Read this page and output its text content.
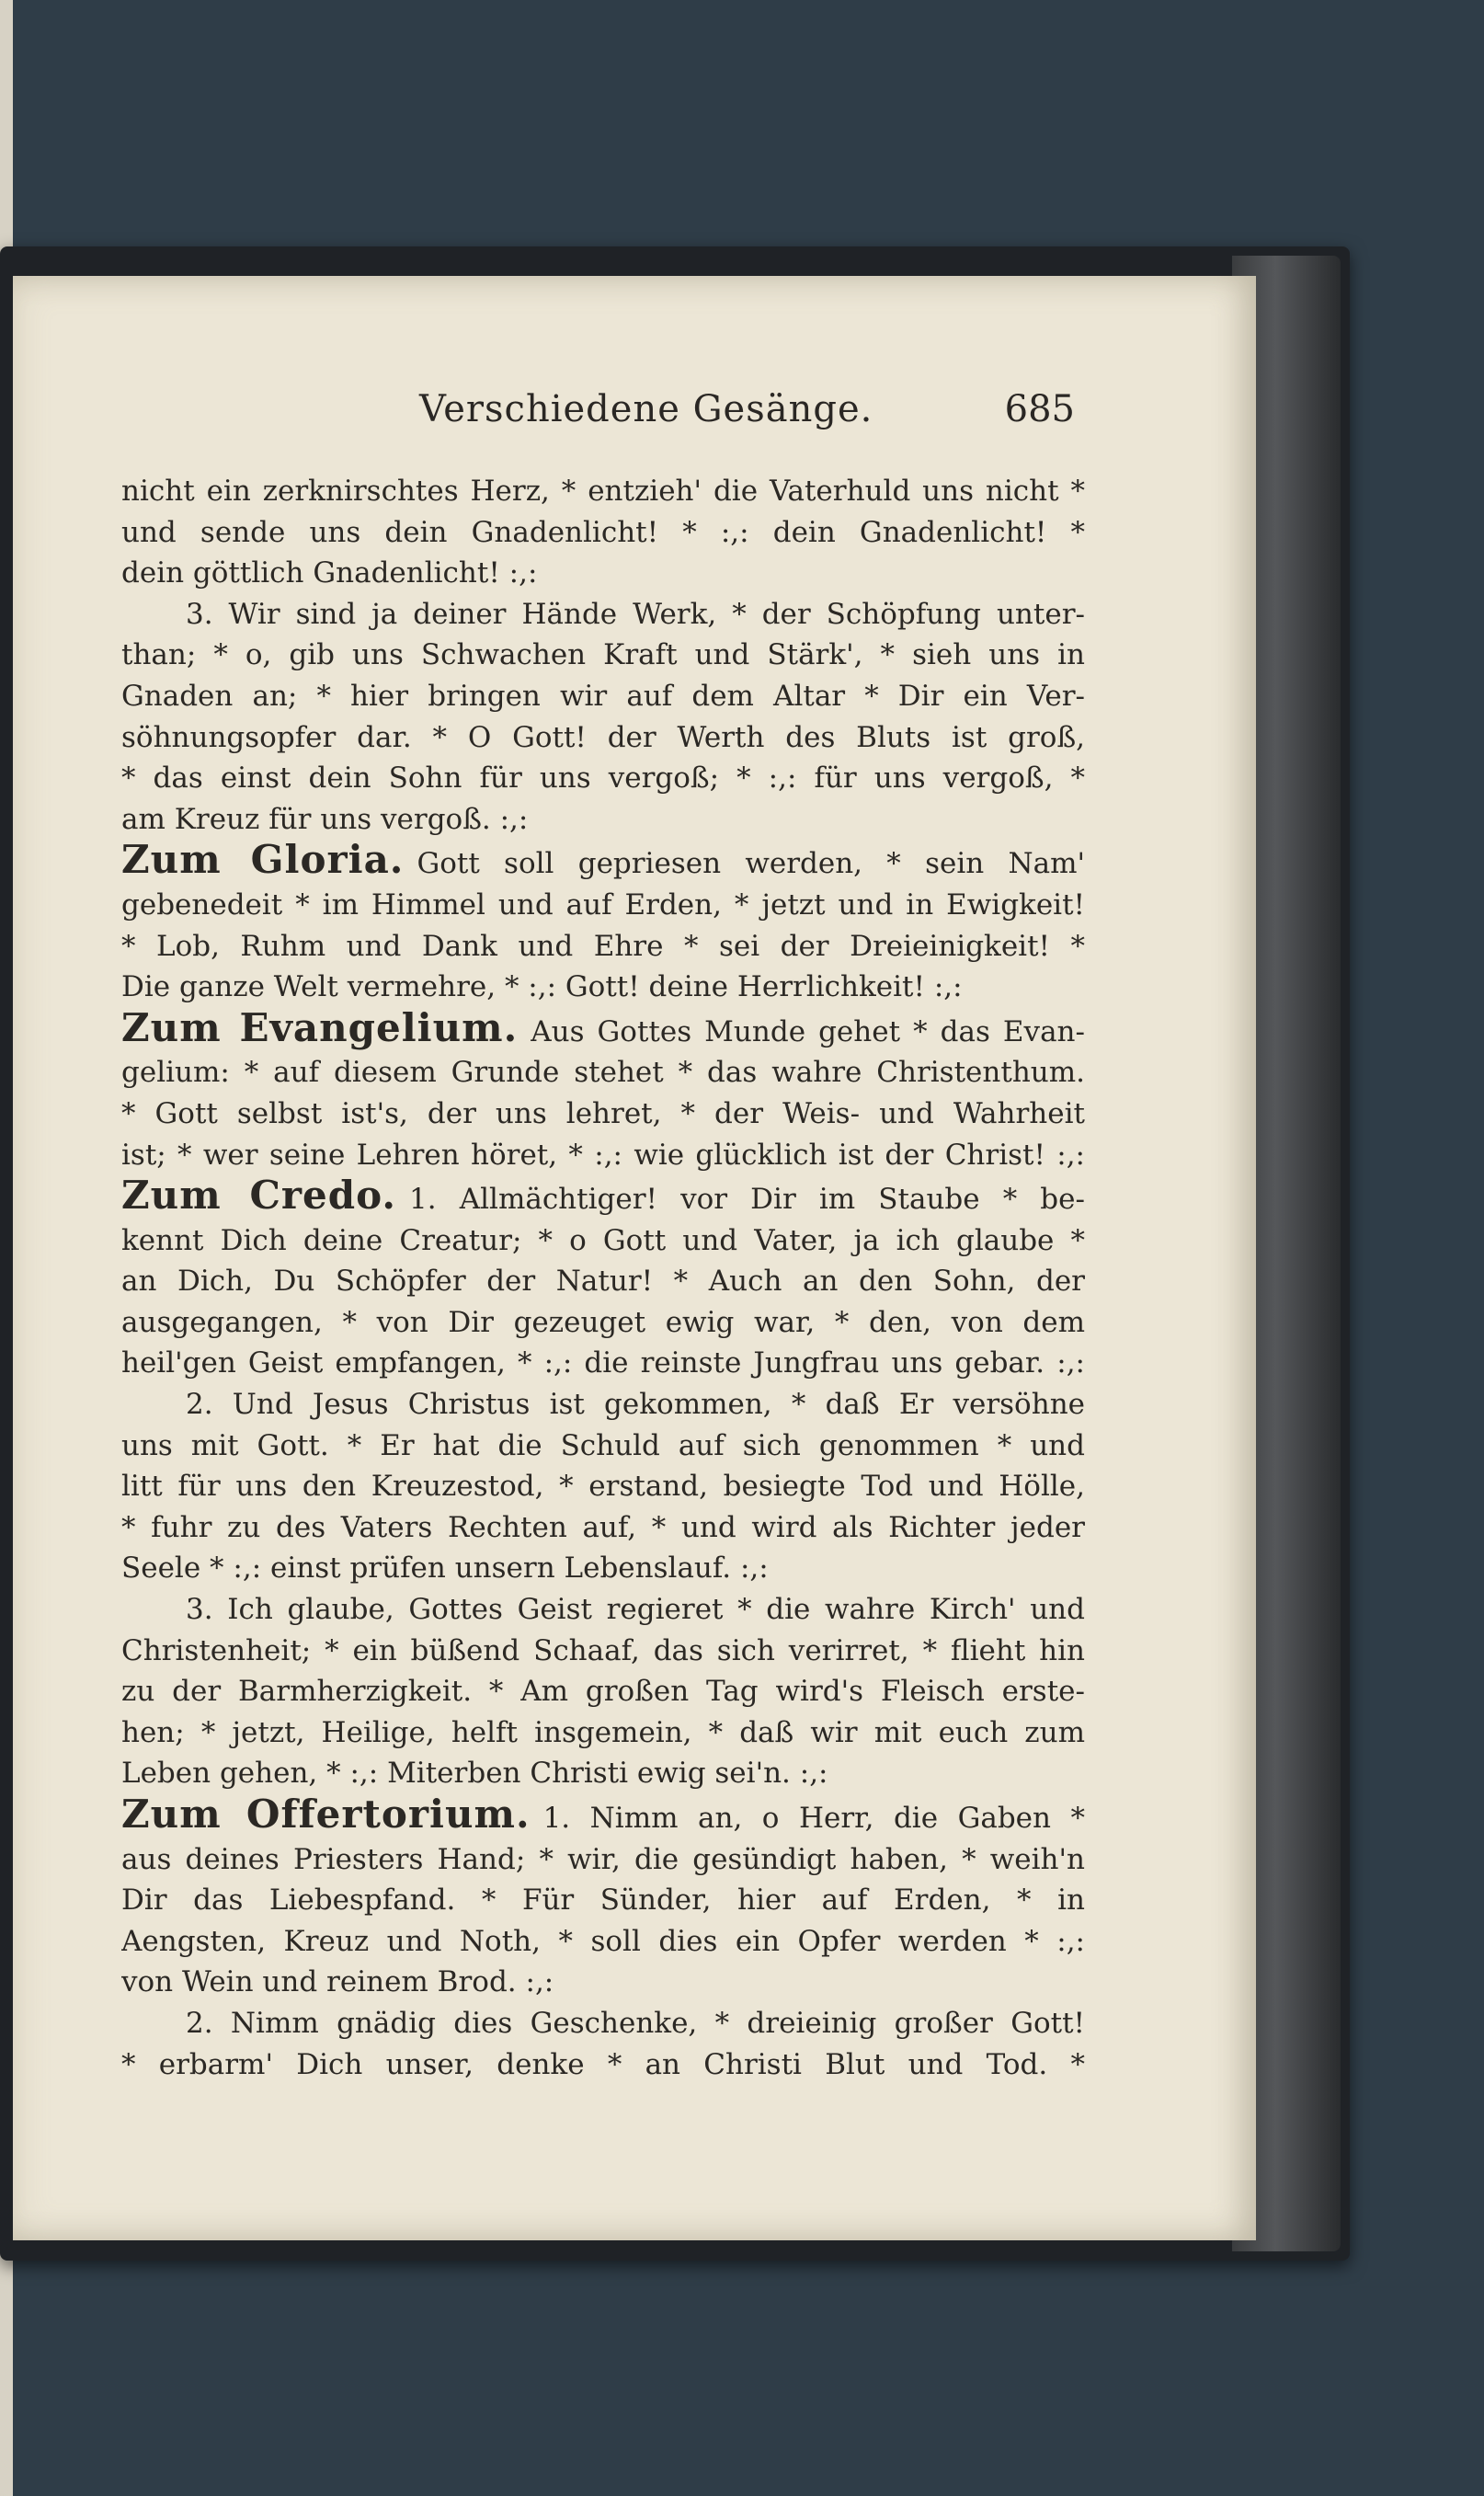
Verschiedene Gesänge.	685
nicht ein zerknirschtes Herz, * entzieh' die Vaterhuld uns nicht *
und sende uns dein Gnadenlicht! * :,: dein Gnadenlicht! *
dein göttlich Gnadenlicht! :,:
3. Wir sind ja deiner Hände Werk, * der Schöpfung unter-
than; * o, gib uns Schwachen Kraft und Stärk', * sieh uns in
Gnaden an; * hier bringen wir auf dem Altar * Dir ein Ver-
söhnungsopfer dar. * O Gott! der Werth des Bluts ist groß,
* das einst dein Sohn für uns vergoß; * :,: für uns vergoß, *
am Kreuz für uns vergoß. :,:
Zum Gloria. Gott soll gepriesen werden, * sein Nam'
gebenedeit * im Himmel und auf Erden, * jetzt und in Ewigkeit!
* Lob, Ruhm und Dank und Ehre * sei der Dreieinigkeit! *
Die ganze Welt vermehre, * :,: Gott! deine Herrlichkeit! :,:
Zum Evangelium. Aus Gottes Munde gehet * das Evan-
gelium: * auf diesem Grunde stehet * das wahre Christenthum.
* Gott selbst ist's, der uns lehret, * der Weis- und Wahrheit
ist; * wer seine Lehren höret, * :,: wie glücklich ist der Christ! :,:
Zum Credo. 1. Allmächtiger! vor Dir im Staube * be-
kennt Dich deine Creatur; * o Gott und Vater, ja ich glaube *
an Dich, Du Schöpfer der Natur! * Auch an den Sohn, der
ausgegangen, * von Dir gezeuget ewig war, * den, von dem
heil'gen Geist empfangen, * :,: die reinste Jungfrau uns gebar. :,:
2. Und Jesus Christus ist gekommen, * daß Er versöhne
uns mit Gott. * Er hat die Schuld auf sich genommen * und
litt für uns den Kreuzestod, * erstand, besiegte Tod und Hölle,
* fuhr zu des Vaters Rechten auf, * und wird als Richter jeder
Seele * :,: einst prüfen unsern Lebenslauf. :,:
3. Ich glaube, Gottes Geist regieret * die wahre Kirch' und
Christenheit; * ein büßend Schaaf, das sich verirret, * flieht hin
zu der Barmherzigkeit. * Am großen Tag wird's Fleisch erste-
hen; * jetzt, Heilige, helft insgemein, * daß wir mit euch zum
Leben gehen, * :,: Miterben Christi ewig sei'n. :,:
Zum Offertorium. 1. Nimm an, o Herr, die Gaben *
aus deines Priesters Hand; * wir, die gesündigt haben, * weih'n
Dir das Liebespfand. * Für Sünder, hier auf Erden, * in
Aengsten, Kreuz und Noth, * soll dies ein Opfer werden * :,:
von Wein und reinem Brod. :,:
2. Nimm gnädig dies Geschenke, * dreieinig großer Gott!
* erbarm' Dich unser, denke * an Christi Blut und Tod. *
